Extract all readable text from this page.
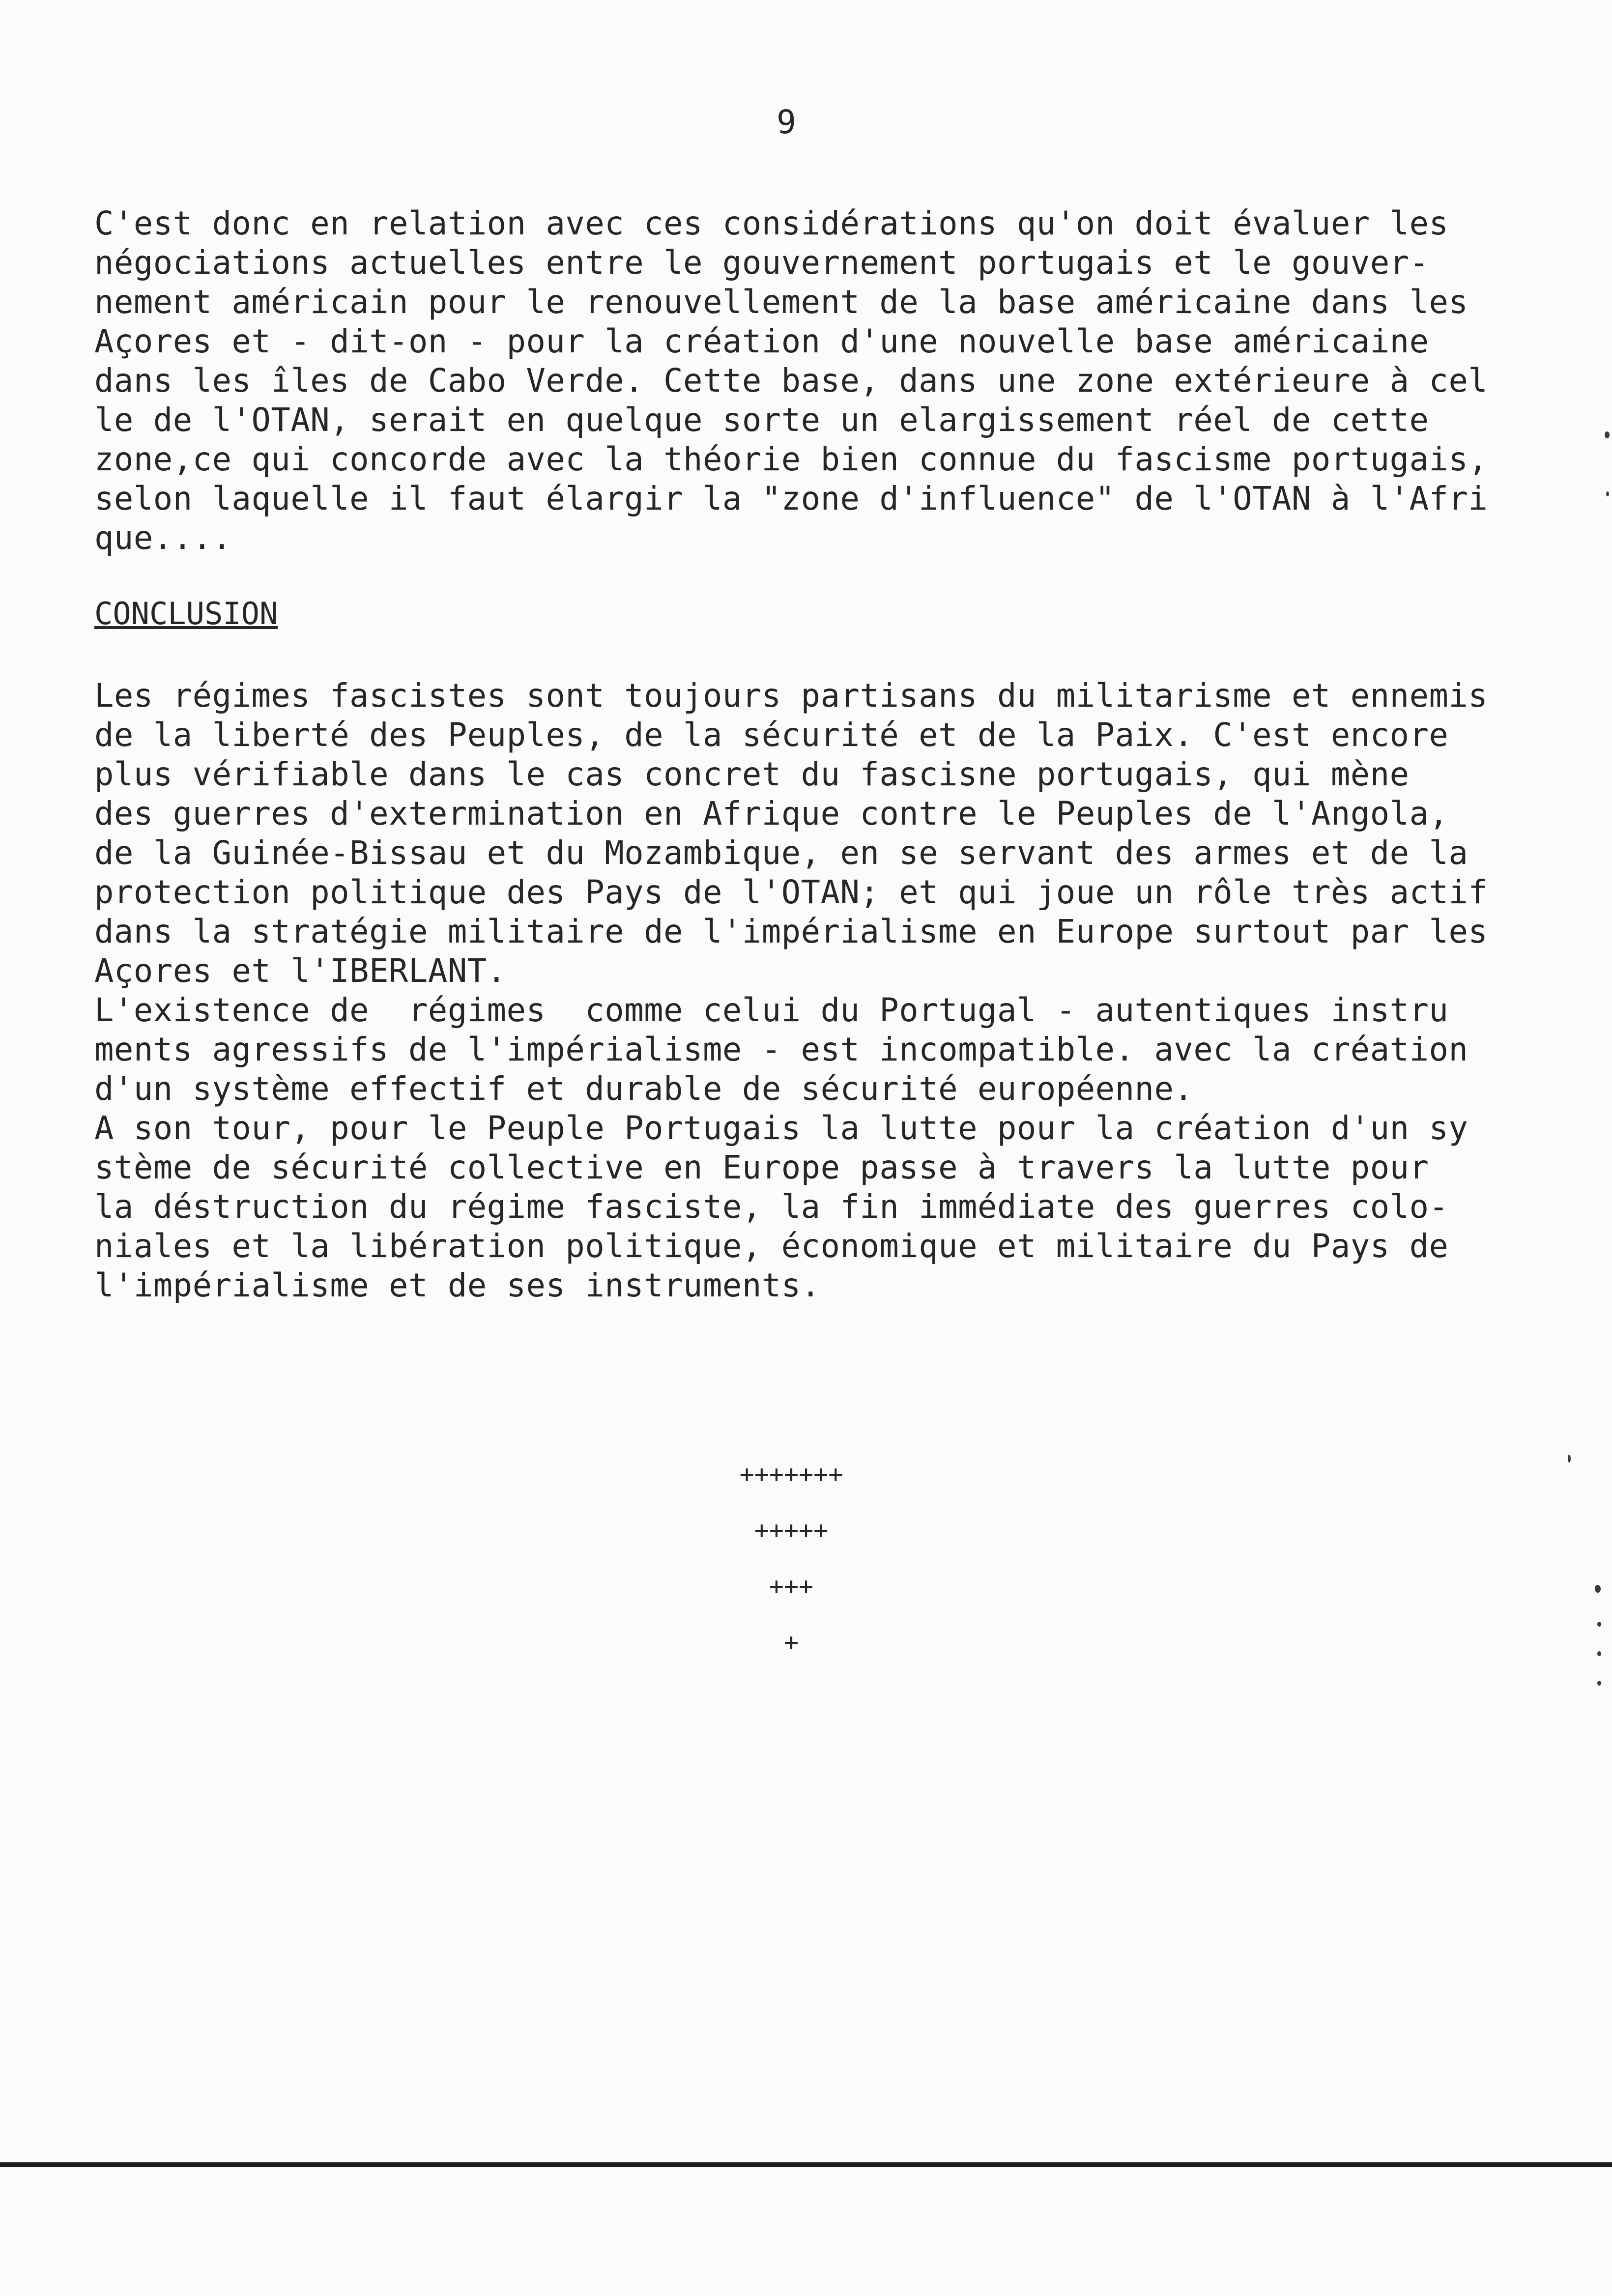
9
C'est donc en relation avec ces considérations qu'on doit évaluer les
négociations actuelles entre le gouvernement portugais et le gouver-
nement américain pour le renouvellement de la base américaine dans les
Açores et - dit-on - pour la création d'une nouvelle base américaine
dans les îles de Cabo Verde. Cette base, dans une zone extérieure à cel
le de l'OTAN, serait en quelque sorte un elargissement réel de cette
zone,ce qui concorde avec la théorie bien connue du fascisme portugais,
selon laquelle il faut élargir la "zone d'influence" de l'OTAN à l'Afri
que....
CONCLUSION
Les régimes fascistes sont toujours partisans du militarisme et ennemis
de la liberté des Peuples, de la sécurité et de la Paix. C'est encore
plus vérifiable dans le cas concret du fascisne portugais, qui mène
des guerres d'extermination en Afrique contre le Peuples de l'Angola,
de la Guinée-Bissau et du Mozambique, en se servant des armes et de la
protection politique des Pays de l'OTAN; et qui joue un rôle très actif
dans la stratégie militaire de l'impérialisme en Europe surtout par les
Açores et l'IBERLANT.
L'existence de  régimes  comme celui du Portugal - autentiques instru
ments agressifs de l'impérialisme - est incompatible. avec la création
d'un système effectif et durable de sécurité européenne.
A son tour, pour le Peuple Portugais la lutte pour la création d'un sy
stème de sécurité collective en Europe passe à travers la lutte pour
la déstruction du régime fasciste, la fin immédiate des guerres colo-
niales et la libération politique, économique et militaire du Pays de
l'impérialisme et de ses instruments.

+++++++

+++++

+++

+
